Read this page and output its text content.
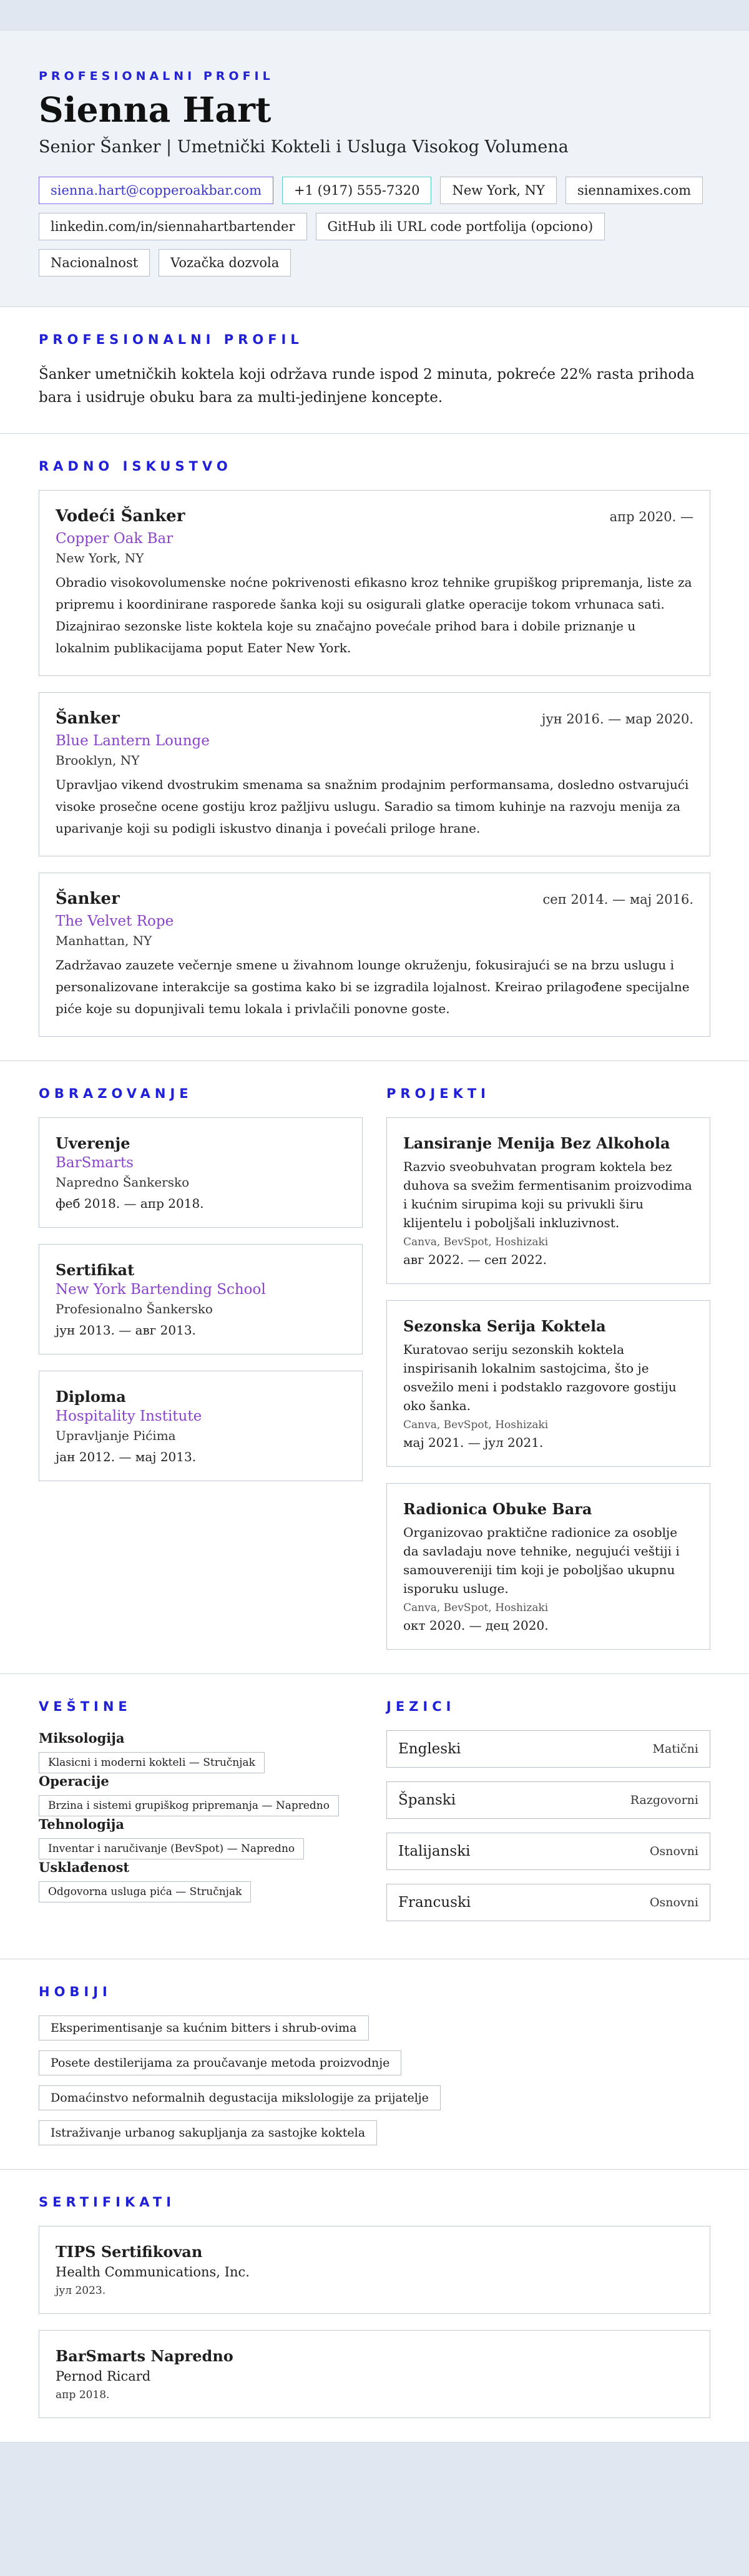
PROFESIONALNI PROFIL
Sienna Hart
Senior Šanker | Umetnički Kokteli i Usluga Visokog Volumena
sienna.hart@copperoakbar.com	+1 (917) 555-7320	New York, NY	siennamixes.com
linkedin.com/in/siennahartbartender	GitHub ili URL code portfolija (opciono)
Nacionalnost	Vozačka dozvola
PROFESIONALNI PROFIL

Šanker umetničkih koktela koji održava runde ispod 2 minuta, pokreće 22% rasta prihoda bara i usidruje obuku bara za multi-jedinjene koncepte.

RADNO ISKUSTVO
Vodeći Šanker	апр 2020. —
Copper Oak Bar
New York, NY

Obradio visokovolumenske noćne pokrivenosti efikasno kroz tehnike grupiškog pripremanja, liste za pripremu i koordinirane rasporede šanka koji su osigurali glatke operacije tokom vrhunaca sati. Dizajnirao sezonske liste koktela koje su značajno povećale prihod bara i dobile priznanje u lokalnim publikacijama poput Eater New York.

Šanker	јун 2016. — мар 2020.
Blue Lantern Lounge
Brooklyn, NY

Upravljao vikend dvostrukim smenama sa snažnim prodajnim performansama, dosledno ostvarujući visoke prosečne ocene gostiju kroz pažljivu uslugu. Saradio sa timom kuhinje na razvoju menija za uparivanje koji su podigli iskustvo dinanja i povećali priloge hrane.

Šanker	сеп 2014. — мај 2016.
The Velvet Rope
Manhattan, NY

Zadržavao zauzete večernje smene u živahnom lounge okruženju, fokusirajući se na brzu uslugu i personalizovane interakcije sa gostima kako bi se izgradila lojalnost. Kreirao prilagođene specijalne piće koje su dopunjivali temu lokala i privlačili ponovne goste.

OBRAZOVANJE
Uverenje
BarSmarts
Napredno Šankersko
феб 2018. — апр 2018.
Sertifikat
New York Bartending School
Profesionalno Šankersko
јун 2013. — авг 2013.
Diploma
Hospitality Institute
Upravljanje Pićima
јан 2012. — мај 2013.
PROJEKTI
Lansiranje Menija Bez Alkohola

Razvio sveobuhvatan program koktela bez duhova sa svežim fermentisanim proizvodima i kućnim sirupima koji su privukli širu klijentelu i poboljšali inkluzivnost.

Canva, BevSpot, Hoshizaki
авг 2022. — сеп 2022.
Sezonska Serija Koktela

Kuratovao seriju sezonskih koktela inspirisanih lokalnim sastojcima, što je osvežilo meni i podstaklo razgovore gostiju oko šanka.

Canva, BevSpot, Hoshizaki
мај 2021. — јул 2021.
Radionica Obuke Bara

Organizovao praktične radionice za osoblje da savladaju nove tehnike, negujući veštiji i samouvereniji tim koji je poboljšao ukupnu isporuku usluge.

Canva, BevSpot, Hoshizaki
окт 2020. — дец 2020.
VEŠTINE
Miksologija
Klasicni i moderni kokteli — Stručnjak
Operacije
Brzina i sistemi grupiškog pripremanja — Napredno
Tehnologija
Inventar i naručivanje (BevSpot) — Napredno
Usklađenost
Odgovorna usluga pića — Stručnjak
JEZICI
Engleski	Matični
Španski	Razgovorni
Italijanski	Osnovni
Francuski	Osnovni
HOBIJI
Eksperimentisanje sa kućnim bitters i shrub-ovima
Posete destilerijama za proučavanje metoda proizvodnje
Domaćinstvo neformalnih degustacija mikslologije za prijatelje
Istraživanje urbanog sakupljanja za sastojke koktela
SERTIFIKATI
TIPS Sertifikovan
Health Communications, Inc.
јул 2023.
BarSmarts Napredno
Pernod Ricard
апр 2018.
